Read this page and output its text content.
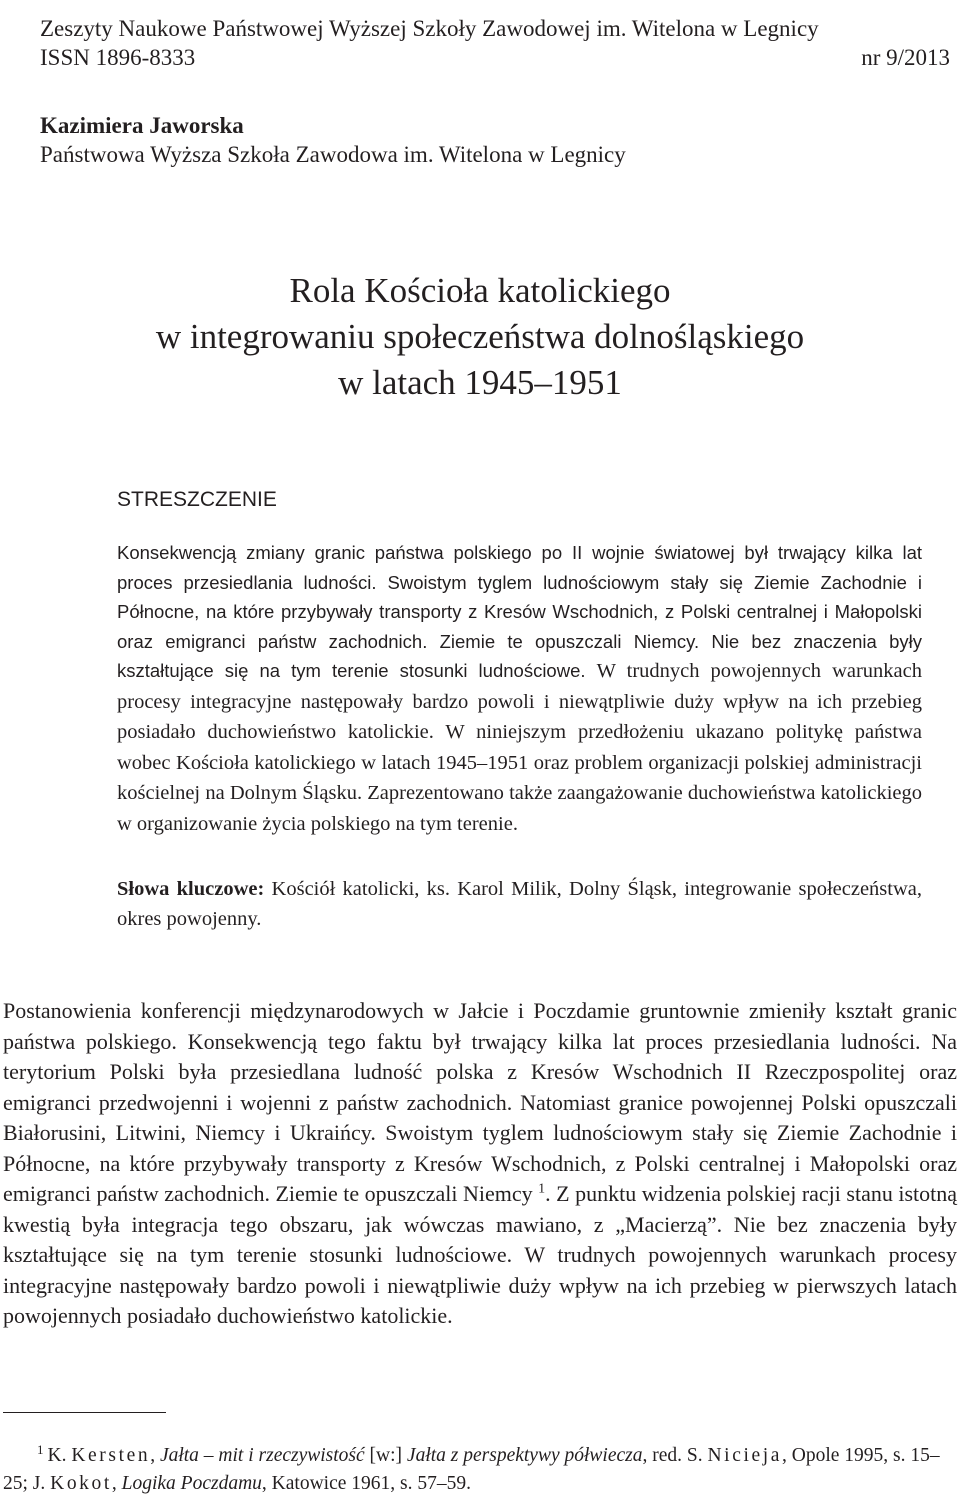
Zeszyty Naukowe Państwowej Wyższej Szkoły Zawodowej im. Witelona w Legnicy
ISSN 1896-8333	nr 9/2013
Kazimiera Jaworska
Państwowa Wyższa Szkoła Zawodowa im. Witelona w Legnicy
Rola Kościoła katolickiego
w integrowaniu społeczeństwa dolnośląskiego
w latach 1945–1951
STRESZCZENIE

Konsekwencją zmiany granic państwa polskiego po II wojnie światowej był trwający kilka lat proces przesiedlania ludności. Swoistym tyglem ludnościowym stały się Ziemie Zachodnie i Północne, na które przybywały transporty z Kresów Wschodnich, z Polski centralnej i Małopolski oraz emigranci państw zachodnich. Ziemie te opuszczali Niemcy. Nie bez znaczenia były kształtujące się na tym terenie stosunki ludnościowe. W trudnych powojennych warunkach procesy integracyjne następowały bardzo powoli i niewątpliwie duży wpływ na ich przebieg posiadało duchowieństwo katolickie. W niniejszym przedłożeniu ukazano politykę państwa wobec Kościoła katolickiego w latach 1945–1951 oraz problem organizacji polskiej administracji kościelnej na Dolnym Śląsku. Zaprezentowano także zaangażowanie duchowieństwa katolickiego w organizowanie życia polskiego na tym terenie.

Słowa kluczowe: Kościół katolicki, ks. Karol Milik, Dolny Śląsk, integrowanie społeczeństwa, okres powojenny.

Postanowienia konferencji międzynarodowych w Jałcie i Poczdamie gruntownie zmieniły kształt granic państwa polskiego. Konsekwencją tego faktu był trwający kilka lat proces przesiedlania ludności. Na terytorium Polski była przesiedlana ludność polska z Kresów Wschodnich II Rzeczpospolitej oraz emigranci przedwojenni i wojenni z państw zachodnich. Natomiast granice powojennej Polski opuszczali Białorusini, Litwini, Niemcy i Ukraińcy. Swoistym tyglem ludnościowym stały się Ziemie Zachodnie i Północne, na które przybywały transporty z Kresów Wschodnich, z Polski centralnej i Małopolski oraz emigranci państw zachodnich. Ziemie te opuszczali Niemcy $^1$. Z punktu widzenia polskiej racji stanu istotną kwestią była integracja tego obszaru, jak wówczas mawiano, z „Macierzą”. Nie bez znaczenia były kształtujące się na tym terenie stosunki ludnościowe. W trudnych powojennych warunkach procesy integracyjne następowały bardzo powoli i niewątpliwie duży wpływ na ich przebieg w pierwszych latach powojennych posiadało duchowieństwo katolickie.

$^1$ K. Kersten, Jałta – mit i rzeczywistość [w:] Jałta z perspektywy półwiecza, red. S. Nicieja, Opole 1995, s. 15–25; J. Kokot, Logika Poczdamu, Katowice 1961, s. 57–59.
